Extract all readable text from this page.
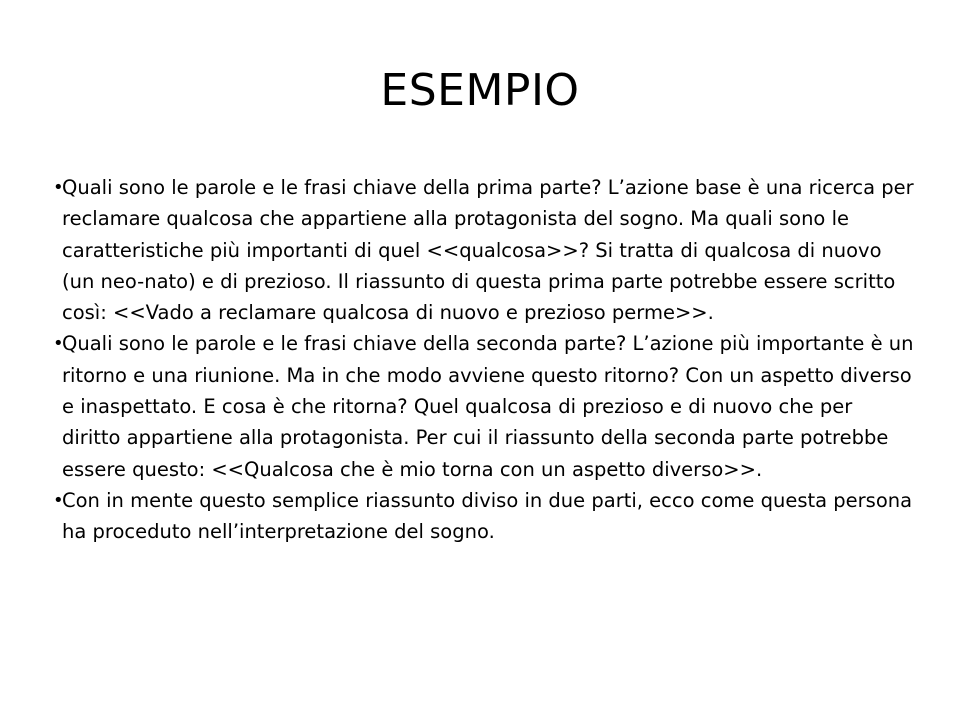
ESEMPIO
•
Quali sono le parole e le frasi chiave della prima parte? L’azione base è una ricerca per reclamare qualcosa che appartiene alla protagonista del sogno. Ma quali sono le caratteristiche più importanti di quel <<qualcosa>>? Si tratta di qualcosa di nuovo (un neo-nato) e di prezioso. Il riassunto di questa prima parte potrebbe essere scritto così: <<Vado a reclamare qualcosa di nuovo e prezioso perme>>.
•
Quali sono le parole e le frasi chiave della seconda parte? L’azione più importante è un ritorno e una riunione. Ma in che modo avviene questo ritorno? Con un aspetto diverso e inaspettato. E cosa è che ritorna? Quel qualcosa di prezioso e di nuovo che per diritto appartiene alla protagonista. Per cui il riassunto della seconda parte potrebbe essere questo: <<Qualcosa che è mio torna con un aspetto diverso>>.
•
Con in mente questo semplice riassunto diviso in due parti, ecco come questa persona ha proceduto nell’interpretazione del sogno.
